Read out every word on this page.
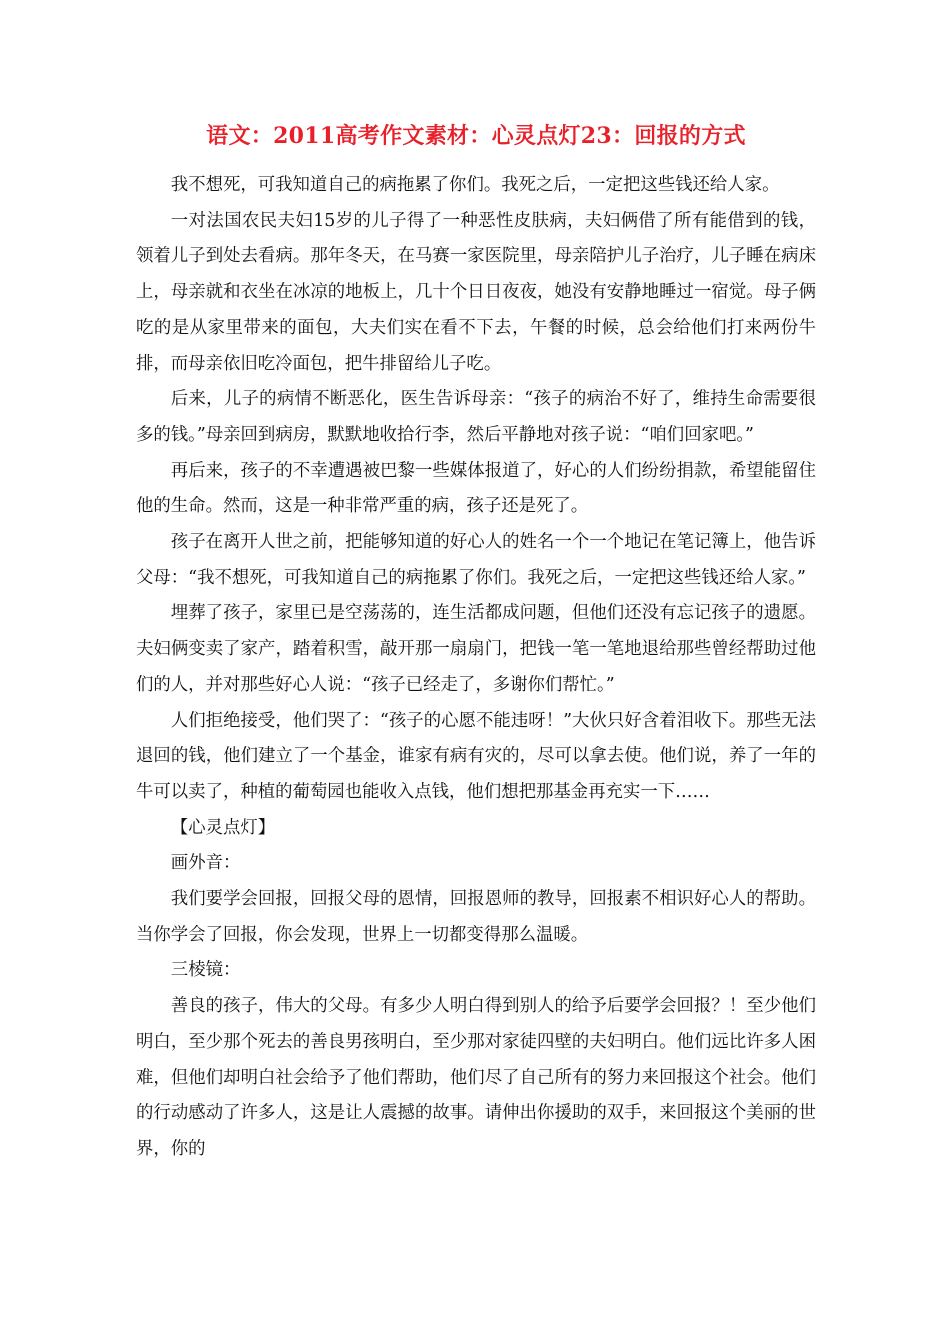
语文：2011高考作文素材：心灵点灯23：回报的方式

我不想死，可我知道自己的病拖累了你们。我死之后，一定把这些钱还给人家。

一对法国农民夫妇15岁的儿子得了一种恶性皮肤病，夫妇俩借了所有能借到的钱，领着儿子到处去看病。那年冬天，在马赛一家医院里，母亲陪护儿子治疗，儿子睡在病床上，母亲就和衣坐在冰凉的地板上，几十个日日夜夜，她没有安静地睡过一宿觉。母子俩吃的是从家里带来的面包，大夫们实在看不下去，午餐的时候，总会给他们打来两份牛排，而母亲依旧吃冷面包，把牛排留给儿子吃。

后来，儿子的病情不断恶化，医生告诉母亲：“孩子的病治不好了，维持生命需要很多的钱。”母亲回到病房，默默地收拾行李，然后平静地对孩子说：“咱们回家吧。”

再后来，孩子的不幸遭遇被巴黎一些媒体报道了，好心的人们纷纷捐款，希望能留住他的生命。然而，这是一种非常严重的病，孩子还是死了。

孩子在离开人世之前，把能够知道的好心人的姓名一个一个地记在笔记簿上，他告诉父母：“我不想死，可我知道自己的病拖累了你们。我死之后，一定把这些钱还给人家。”

埋葬了孩子，家里已是空荡荡的，连生活都成问题，但他们还没有忘记孩子的遗愿。夫妇俩变卖了家产，踏着积雪，敲开那一扇扇门，把钱一笔一笔地退给那些曾经帮助过他们的人，并对那些好心人说：“孩子已经走了，多谢你们帮忙。”

人们拒绝接受，他们哭了：“孩子的心愿不能违呀！”大伙只好含着泪收下。那些无法退回的钱，他们建立了一个基金，谁家有病有灾的，尽可以拿去使。他们说，养了一年的牛可以卖了，种植的葡萄园也能收入点钱，他们想把那基金再充实一下……

【心灵点灯】

画外音：

我们要学会回报，回报父母的恩情，回报恩师的教导，回报素不相识好心人的帮助。当你学会了回报，你会发现，世界上一切都变得那么温暖。

三棱镜：

善良的孩子，伟大的父母。有多少人明白得到别人的给予后要学会回报？！至少他们明白，至少那个死去的善良男孩明白，至少那对家徒四壁的夫妇明白。他们远比许多人困难，但他们却明白社会给予了他们帮助，他们尽了自己所有的努力来回报这个社会。他们的行动感动了许多人，这是让人震撼的故事。请伸出你援助的双手，来回报这个美丽的世界，你的
